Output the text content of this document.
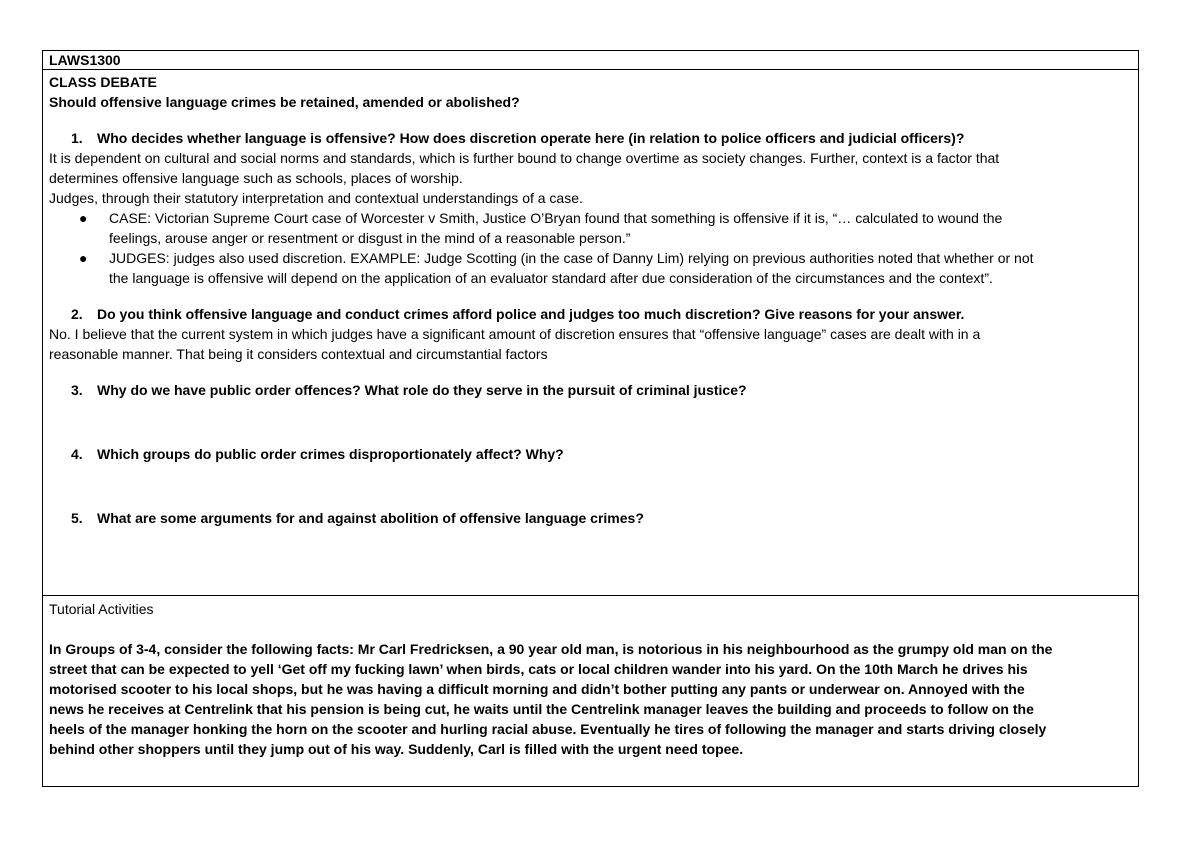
LAWS1300
CLASS DEBATE
Should offensive language crimes be retained, amended or abolished?
1. Who decides whether language is offensive? How does discretion operate here (in relation to police officers and judicial officers)?
It is dependent on cultural and social norms and standards, which is further bound to change overtime as society changes. Further, context is a factor that
determines offensive language such as schools, places of worship.
Judges, through their statutory interpretation and contextual understandings of a case.
● CASE: Victorian Supreme Court case of Worcester v Smith, Justice O’Bryan found that something is offensive if it is, “… calculated to wound the
feelings, arouse anger or resentment or disgust in the mind of a reasonable person.”
● JUDGES: judges also used discretion. EXAMPLE: Judge Scotting (in the case of Danny Lim) relying on previous authorities noted that whether or not
the language is offensive will depend on the application of an evaluator standard after due consideration of the circumstances and the context”.
2. Do you think offensive language and conduct crimes afford police and judges too much discretion? Give reasons for your answer.
No. I believe that the current system in which judges have a significant amount of discretion ensures that “offensive language” cases are dealt with in a
reasonable manner. That being it considers contextual and circumstantial factors
3. Why do we have public order offences? What role do they serve in the pursuit of criminal justice?
4. Which groups do public order crimes disproportionately affect? Why?
5. What are some arguments for and against abolition of offensive language crimes?
Tutorial Activities
In Groups of 3-4, consider the following facts: Mr Carl Fredricksen, a 90 year old man, is notorious in his neighbourhood as the grumpy old man on the
street that can be expected to yell ‘Get off my fucking lawn’ when birds, cats or local children wander into his yard. On the 10th March he drives his
motorised scooter to his local shops, but he was having a difficult morning and didn’t bother putting any pants or underwear on. Annoyed with the
news he receives at Centrelink that his pension is being cut, he waits until the Centrelink manager leaves the building and proceeds to follow on the
heels of the manager honking the horn on the scooter and hurling racial abuse. Eventually he tires of following the manager and starts driving closely
behind other shoppers until they jump out of his way. Suddenly, Carl is filled with the urgent need topee.
